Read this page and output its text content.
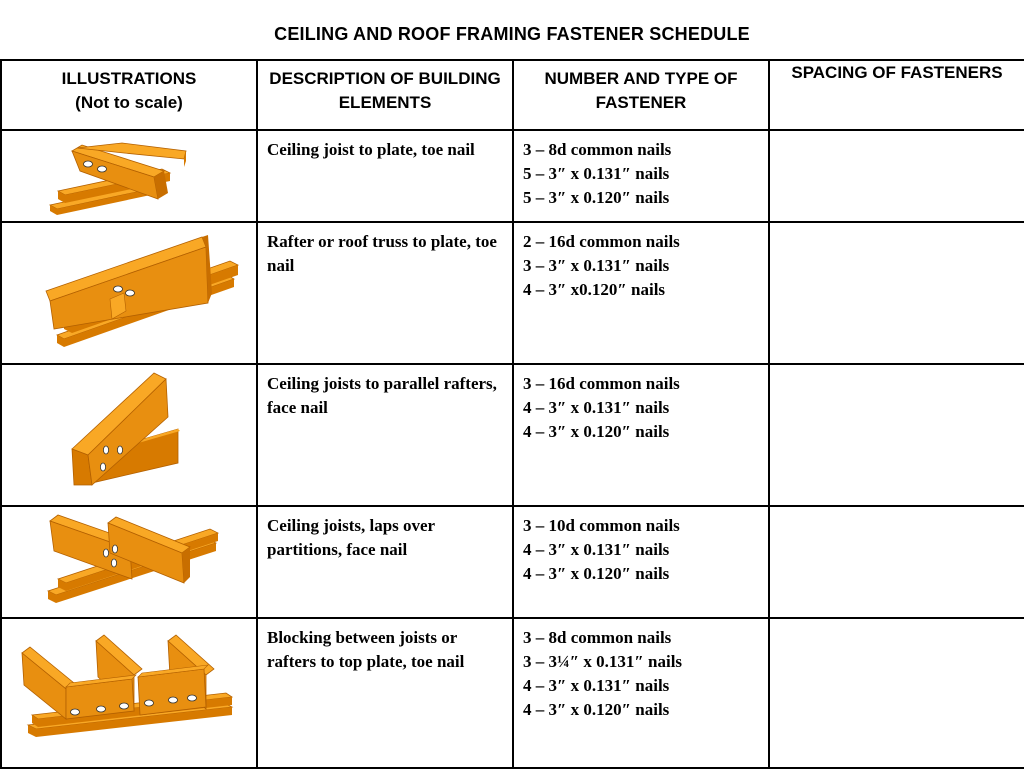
CEILING AND ROOF FRAMING FASTENER SCHEDULE
ILLUSTRATIONS
(Not to scale)	DESCRIPTION OF BUILDING ELEMENTS	NUMBER AND TYPE OF FASTENER	SPACING OF FASTENERS

Ceiling joist to plate, toe nail	3 – 8d common nails
5 – 3″ x 0.131″ nails
5 – 3″ x 0.120″ nails	

Rafter or roof truss to plate, toe nail	2 – 16d common nails
3 – 3″ x 0.131″ nails
4 – 3″ x0.120″ nails	

Ceiling joists to parallel rafters, face nail	3 – 16d common nails
4 – 3″ x 0.131″ nails
4 – 3″ x 0.120″ nails	

Ceiling joists, laps over partitions, face nail	3 – 10d common nails
4 – 3″ x 0.131″ nails
4 – 3″ x 0.120″ nails	

Blocking between joists or rafters to top plate, toe nail	3 – 8d common nails
3 – 3¼″ x 0.131″ nails
4 – 3″ x 0.131″ nails
4 – 3″ x 0.120″ nails	
